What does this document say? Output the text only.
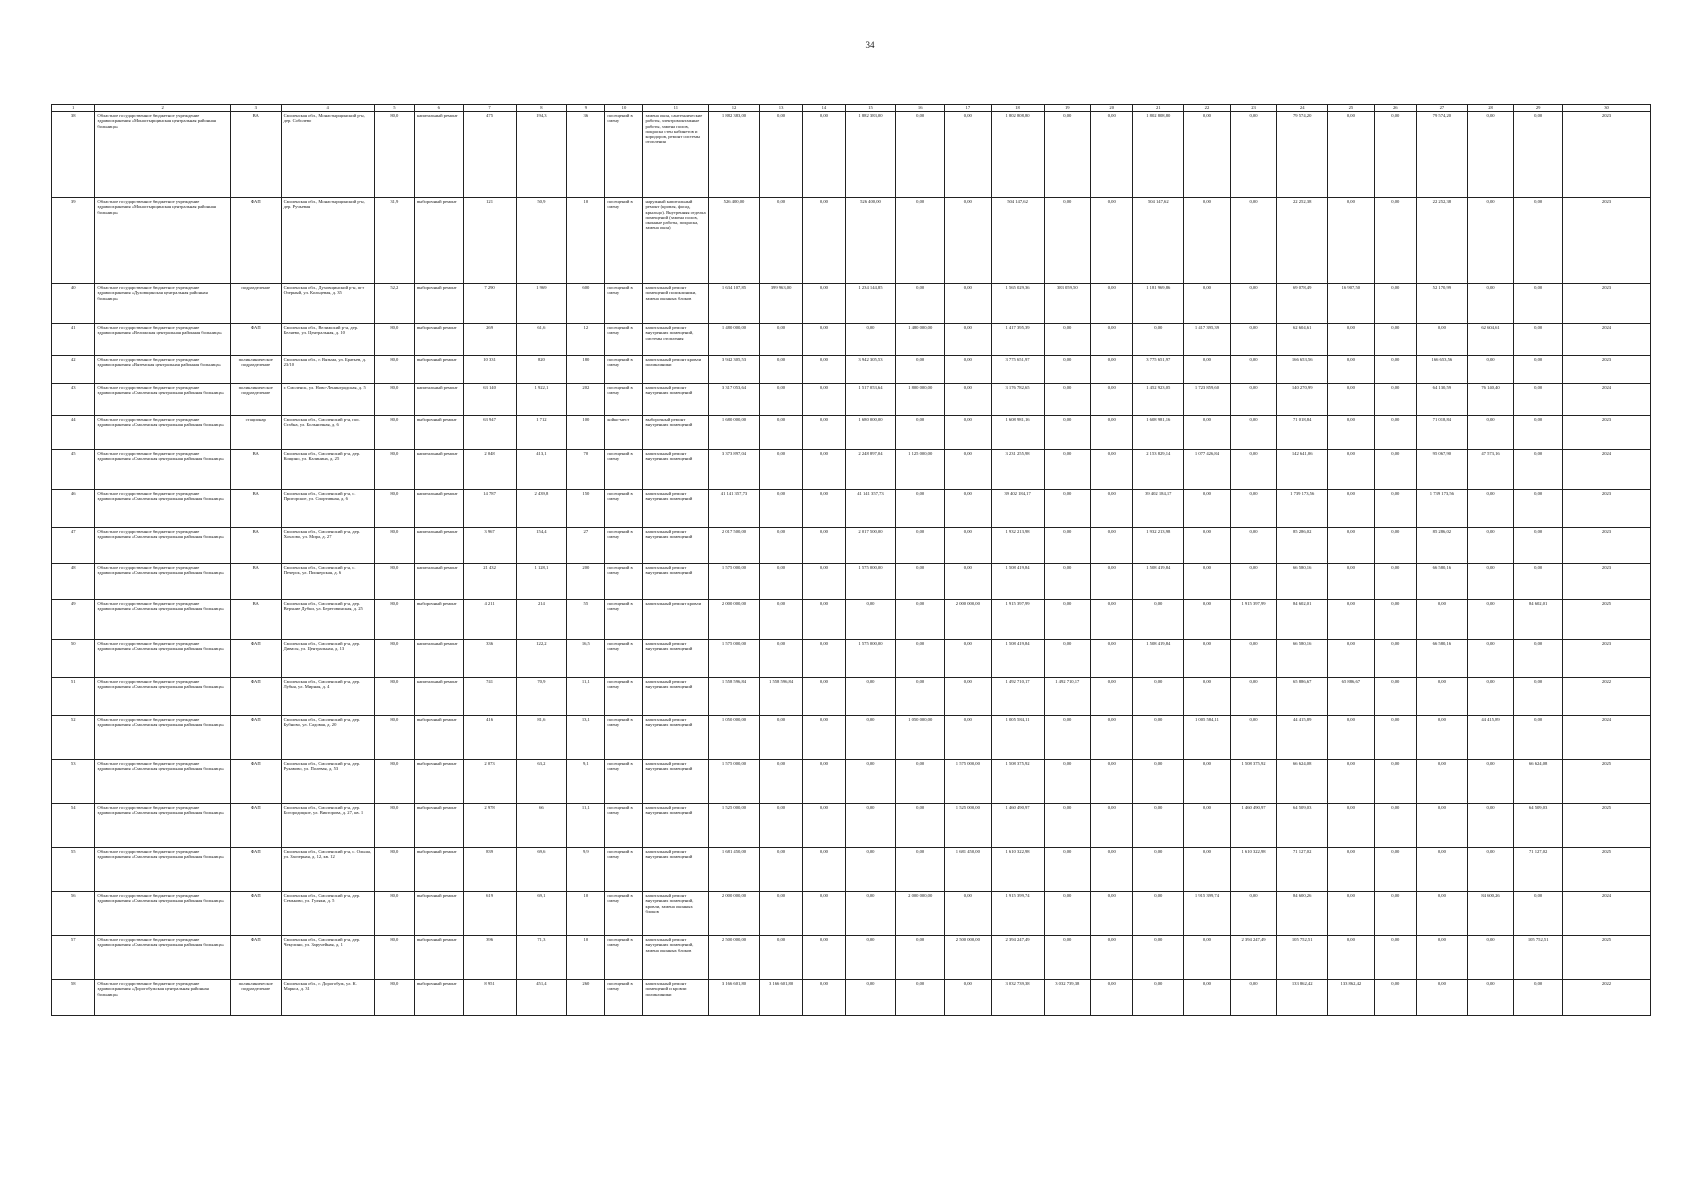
34
1	2	3	4	5	6	7	8	9	10	11	12	13	14	15	16	17	18	19	20	21	22	23	24	25	26	27	28	29	30
38	Областное государственное бюджетное учреждение здравоохранения «Монастырщинская центральная районная больница»	ВА	Смоленская обл., Монастырщинский р-н, дер. Соболево	80,0	капитальный ремонт	475	194,3	36	посещений в смену	замена окон, сантехнические работы, электромонтажные работы, замена полов, покраска стен кабинетов и коридоров, ремонт системы отопления	1 882 383,00	0,00	0,00	1 882 383,00	0,00	0,00	1 802 808,80	0,00	0,00	1 802 808,80	0,00	0,00	79 574,20	0,00	0,00	79 574,20	0,00	0,00	2023
39	Областное государственное бюджетное учреждение здравоохранения «Монастырщинская центральная районная больница»	ФАП	Смоленская обл., Монастырщинский р-н, дер. Ручьевая	31,9	выборочный ремонт	121	50,9	10	посещений в смену	наружный капитальный ремонт (кровля, фасад, крыльцо). Внутренняя отделка помещений (замена полов, оконные работы, покраска, замена окон)	526 400,00	0,00	0,00	526 400,00	0,00	0,00	504 147,62	0,00	0,00	504 147,62	0,00	0,00	22 252,38	0,00	0,00	22 252,38	0,00	0,00	2023
40	Областное государственное бюджетное учреждение здравоохранения «Духовщинская центральная районная больница»	подразделение	Смоленская обл., Духовщинский р-н, пгт Озерный, ул. Кольцевая, д. 35	52,2	выборочный ремонт	7 290	1 969	600	посещений в смену	капитальный ремонт помещений поликлиники, замена оконных блоков	1 634 107,85	399 963,00	0,00	1 234 144,85	0,00	0,00	1 565 029,36	383 059,50	0,00	1 181 969,86	0,00	0,00	69 078,49	16 907,50	0,00	52 170,99	0,00	0,00	2023
41	Областное государственное бюджетное учреждение здравоохранения «Велижская центральная районная больница»	ФАП	Смоленская обл., Велижский р-н, дер. Беляево, ул. Центральная, д. 10	80,0	выборочный ремонт	269	61,6	12	посещений в смену	капитальный ремонт внутренних помещений, системы отопления	1 480 000,00	0,00	0,00	0,00	1 480 000,00	0,00	1 417 395,39	0,00	0,00	0,00	1 417 395,39	0,00	62 604,61	0,00	0,00	0,00	62 604,61	0,00	2024
42	Областное государственное бюджетное учреждение здравоохранения «Вяземская центральная районная больница»	поликлиническое подразделение	Смоленская обл., г. Вязьма, ул. Братьев, д. 23/10	80,0	выборочный ремонт	10 331	820	180	посещений в смену	капитальный ремонт кровли поликлиники	3 942 305,53	0,00	0,00	3 942 305,53	0,00	0,00	3 775 651,97	0,00	0,00	3 775 651,97	0,00	0,00	166 653,56	0,00	0,00	166 653,56	0,00	0,00	2023
43	Областное государственное бюджетное учреждение здравоохранения «Смоленская центральная районная больница»	поликлиническое подразделение	г. Смоленск, ул. Ново-Ленинградская, д. 5	80,0	капитальный ремонт	63 140	1 922,1	202	посещений в смену	капитальный ремонт внутренних помещений	3 317 053,64	0,00	0,00	1 517 053,64	1 800 000,00	0,00	3 176 782,65	0,00	0,00	1 452 923,05	1 723 859,60	0,00	140 270,99	0,00	0,00	64 130,59	76 140,40	0,00	2024
44	Областное государственное бюджетное учреждение здравоохранения «Смоленская центральная районная больница»	стационар	Смоленская обл., Смоленский р-н, пос. Стабна, ул. Больничная, д. 6	80,0	выборочный ремонт	63 947	1 712	100	койко-мест	выборочный ремонт внутренних помещений	1 680 000,00	0,00	0,00	1 680 000,00	0,00	0,00	1 608 981,16	0,00	0,00	1 608 981,16	0,00	0,00	71 018,84	0,00	0,00	71 018,84	0,00	0,00	2023
45	Областное государственное бюджетное учреждение здравоохранения «Смоленская центральная районная больница»	ВА	Смоленская обл., Смоленский р-н, дер. Кощино, ул. Калинина, д. 25	80,0	капитальный ремонт	2 048	413,1	70	посещений в смену	капитальный ремонт внутренних помещений	3 373 897,04	0,00	0,00	2 248 897,04	1 125 000,00	0,00	3 231 255,98	0,00	0,00	2 153 829,14	1 077 426,84	0,00	142 641,06	0,00	0,00	95 067,90	47 573,16	0,00	2024
46	Областное государственное бюджетное учреждение здравоохранения «Смоленская центральная районная больница»	ВА	Смоленская обл., Смоленский р-н, с. Пригорское, ул. Спортивная, д. 6	80,0	капитальный ремонт	14 787	2 439,8	150	посещений в смену	капитальный ремонт внутренних помещений	41 141 357,73	0,00	0,00	41 141 357,73	0,00	0,00	39 402 184,17	0,00	0,00	39 402 184,17	0,00	0,00	1 739 173,56	0,00	0,00	1 739 173,56	0,00	0,00	2023
47	Областное государственное бюджетное учреждение здравоохранения «Смоленская центральная районная больница»	ВА	Смоленская обл., Смоленский р-н, дер. Хохлово, ул. Мира, д. 27	80,0	капитальный ремонт	3 967	154,4	27	посещений в смену	капитальный ремонт внутренних помещений	2 017 500,00	0,00	0,00	2 017 500,00	0,00	0,00	1 932 213,98	0,00	0,00	1 932 213,98	0,00	0,00	85 286,02	0,00	0,00	85 286,02	0,00	0,00	2023
48	Областное государственное бюджетное учреждение здравоохранения «Смоленская центральная районная больница»	ВА	Смоленская обл., Смоленский р-н, с. Печерск, ул. Пионерская, д. 6	80,0	капитальный ремонт	21 432	1 128,1	200	посещений в смену	капитальный ремонт внутренних помещений	1 575 000,00	0,00	0,00	1 575 000,00	0,00	0,00	1 508 419,84	0,00	0,00	1 508 419,84	0,00	0,00	66 580,16	0,00	0,00	66 580,16	0,00	0,00	2023
49	Областное государственное бюджетное учреждение здравоохранения «Смоленская центральная районная больница»	ВА	Смоленская обл., Смоленский р-н, дер. Верхние Дубки, ул. Береговинская, д. 25	80,0	выборочный ремонт	4 211	214	55	посещений в смену	капитальный ремонт кровли	2 000 000,00	0,00	0,00	0,00	0,00	2 000 000,00	1 915 397,99	0,00	0,00	0,00	0,00	1 915 397,99	84 602,01	0,00	0,00	0,00	0,00	84 602,01	2025
50	Областное государственное бюджетное учреждение здравоохранения «Смоленская центральная районная больница»	ФАП	Смоленская обл., Смоленский р-н, дер. Дивасы, ул. Центральная, д. 13	80,0	капитальный ремонт	336	122,2	16,5	посещений в смену	капитальный ремонт внутренних помещений	1 575 000,00	0,00	0,00	1 575 000,00	0,00	0,00	1 508 419,84	0,00	0,00	1 508 419,84	0,00	0,00	66 580,16	0,00	0,00	66 580,16	0,00	0,00	2023
51	Областное государственное бюджетное учреждение здравоохранения «Смоленская центральная районная больница»	ФАП	Смоленская обл., Смоленский р-н, дер. Лубня, ул. Мирная, д. 4	80,0	капитальный ремонт	741	70,9	11,1	посещений в смену	капитальный ремонт внутренних помещений	1 558 596,84	1 558 596,84	0,00	0,00	0,00	0,00	1 492 710,17	1 492 710,17	0,00	0,00	0,00	0,00	65 886,67	65 886,67	0,00	0,00	0,00	0,00	2022
52	Областное государственное бюджетное учреждение здравоохранения «Смоленская центральная районная больница»	ФАП	Смоленская обл., Смоленский р-н, дер. Бубново, ул. Садовая, д. 20	80,0	выборочный ремонт	416	81,6	13,1	посещений в смену	капитальный ремонт внутренних помещений	1 050 000,00	0,00	0,00	0,00	1 050 000,00	0,00	1 005 584,11	0,00	0,00	0,00	1 005 584,11	0,00	44 415,89	0,00	0,00	0,00	44 415,89	0,00	2024
53	Областное государственное бюджетное учреждение здравоохранения «Смоленская центральная районная больница»	ФАП	Смоленская обл., Смоленский р-н, дер. Рукавово, ул. Полевая, д. 53	80,0	выборочный ремонт	2 073	63,2	9,1	посещений в смену	капитальный ремонт внутренних помещений	1 575 000,00	0,00	0,00	0,00	0,00	1 575 000,00	1 508 375,92	0,00	0,00	0,00	0,00	1 508 375,92	66 624,08	0,00	0,00	0,00	0,00	66 624,08	2025
54	Областное государственное бюджетное учреждение здравоохранения «Смоленская центральная районная больница»	ФАП	Смоленская обл., Смоленский р-н, дер. Богородицкое, ул. Викторова, д. 27, кв. 1	80,0	выборочный ремонт	2 978	66	11,1	посещений в смену	капитальный ремонт внутренних помещений	1 525 000,00	0,00	0,00	0,00	0,00	1 525 000,00	1 460 490,97	0,00	0,00	0,00	0,00	1 460 490,97	64 509,03	0,00	0,00	0,00	0,00	64 509,03	2025
55	Областное государственное бюджетное учреждение здравоохранения «Смоленская центральная районная больница»	ФАП	Смоленская обл., Смоленский р-н, с. Ольша, ул. Заозерная, д. 12, кв. 12	80,0	выборочный ремонт	839	69,6	9,9	посещений в смену	капитальный ремонт внутренних помещений	1 681 450,00	0,00	0,00	0,00	0,00	1 681 450,00	1 610 322,98	0,00	0,00	0,00	0,00	1 610 322,98	71 127,02	0,00	0,00	0,00	0,00	71 127,02	2025
56	Областное государственное бюджетное учреждение здравоохранения «Смоленская центральная районная больница»	ФАП	Смоленская обл., Смоленский р-н, дер. Семьково, ул. Гуляки, д. 5	80,0	выборочный ремонт	619	69,1	10	посещений в смену	капитальный ремонт внутренних помещений, кровли, замена оконных блоков	2 000 000,00	0,00	0,00	0,00	2 000 000,00	0,00	1 915 399,74	0,00	0,00	0,00	1 915 399,74	0,00	84 600,26	0,00	0,00	0,00	84 600,26	0,00	2024
57	Областное государственное бюджетное учреждение здравоохранения «Смоленская центральная районная больница»	ФАП	Смоленская обл., Смоленский р-н, дер. Чекулино, ул. Заручейная, д. 1	80,0	выборочный ремонт	396	71,3	10	посещений в смену	капитальный ремонт внутренних помещений, замена оконных блоков	2 500 000,00	0,00	0,00	0,00	0,00	2 500 000,00	2 394 247,49	0,00	0,00	0,00	0,00	2 394 247,49	105 752,51	0,00	0,00	0,00	0,00	105 752,51	2025
58	Областное государственное бюджетное учреждение здравоохранения «Дорогобужская центральная районная больница»	поликлиническое подразделение	Смоленская обл., г. Дорогобуж, ул. К. Маркса, д. 31	80,0	выборочный ремонт	8 951	451,4	260	посещений в смену	капитальный ремонт помещений и кровли поликлиники	3 166 601,80	3 166 601,80	0,00	0,00	0,00	0,00	3 032 739,38	3 032 739,38	0,00	0,00	0,00	0,00	133 862,42	133 862,42	0,00	0,00	0,00	0,00	2022
